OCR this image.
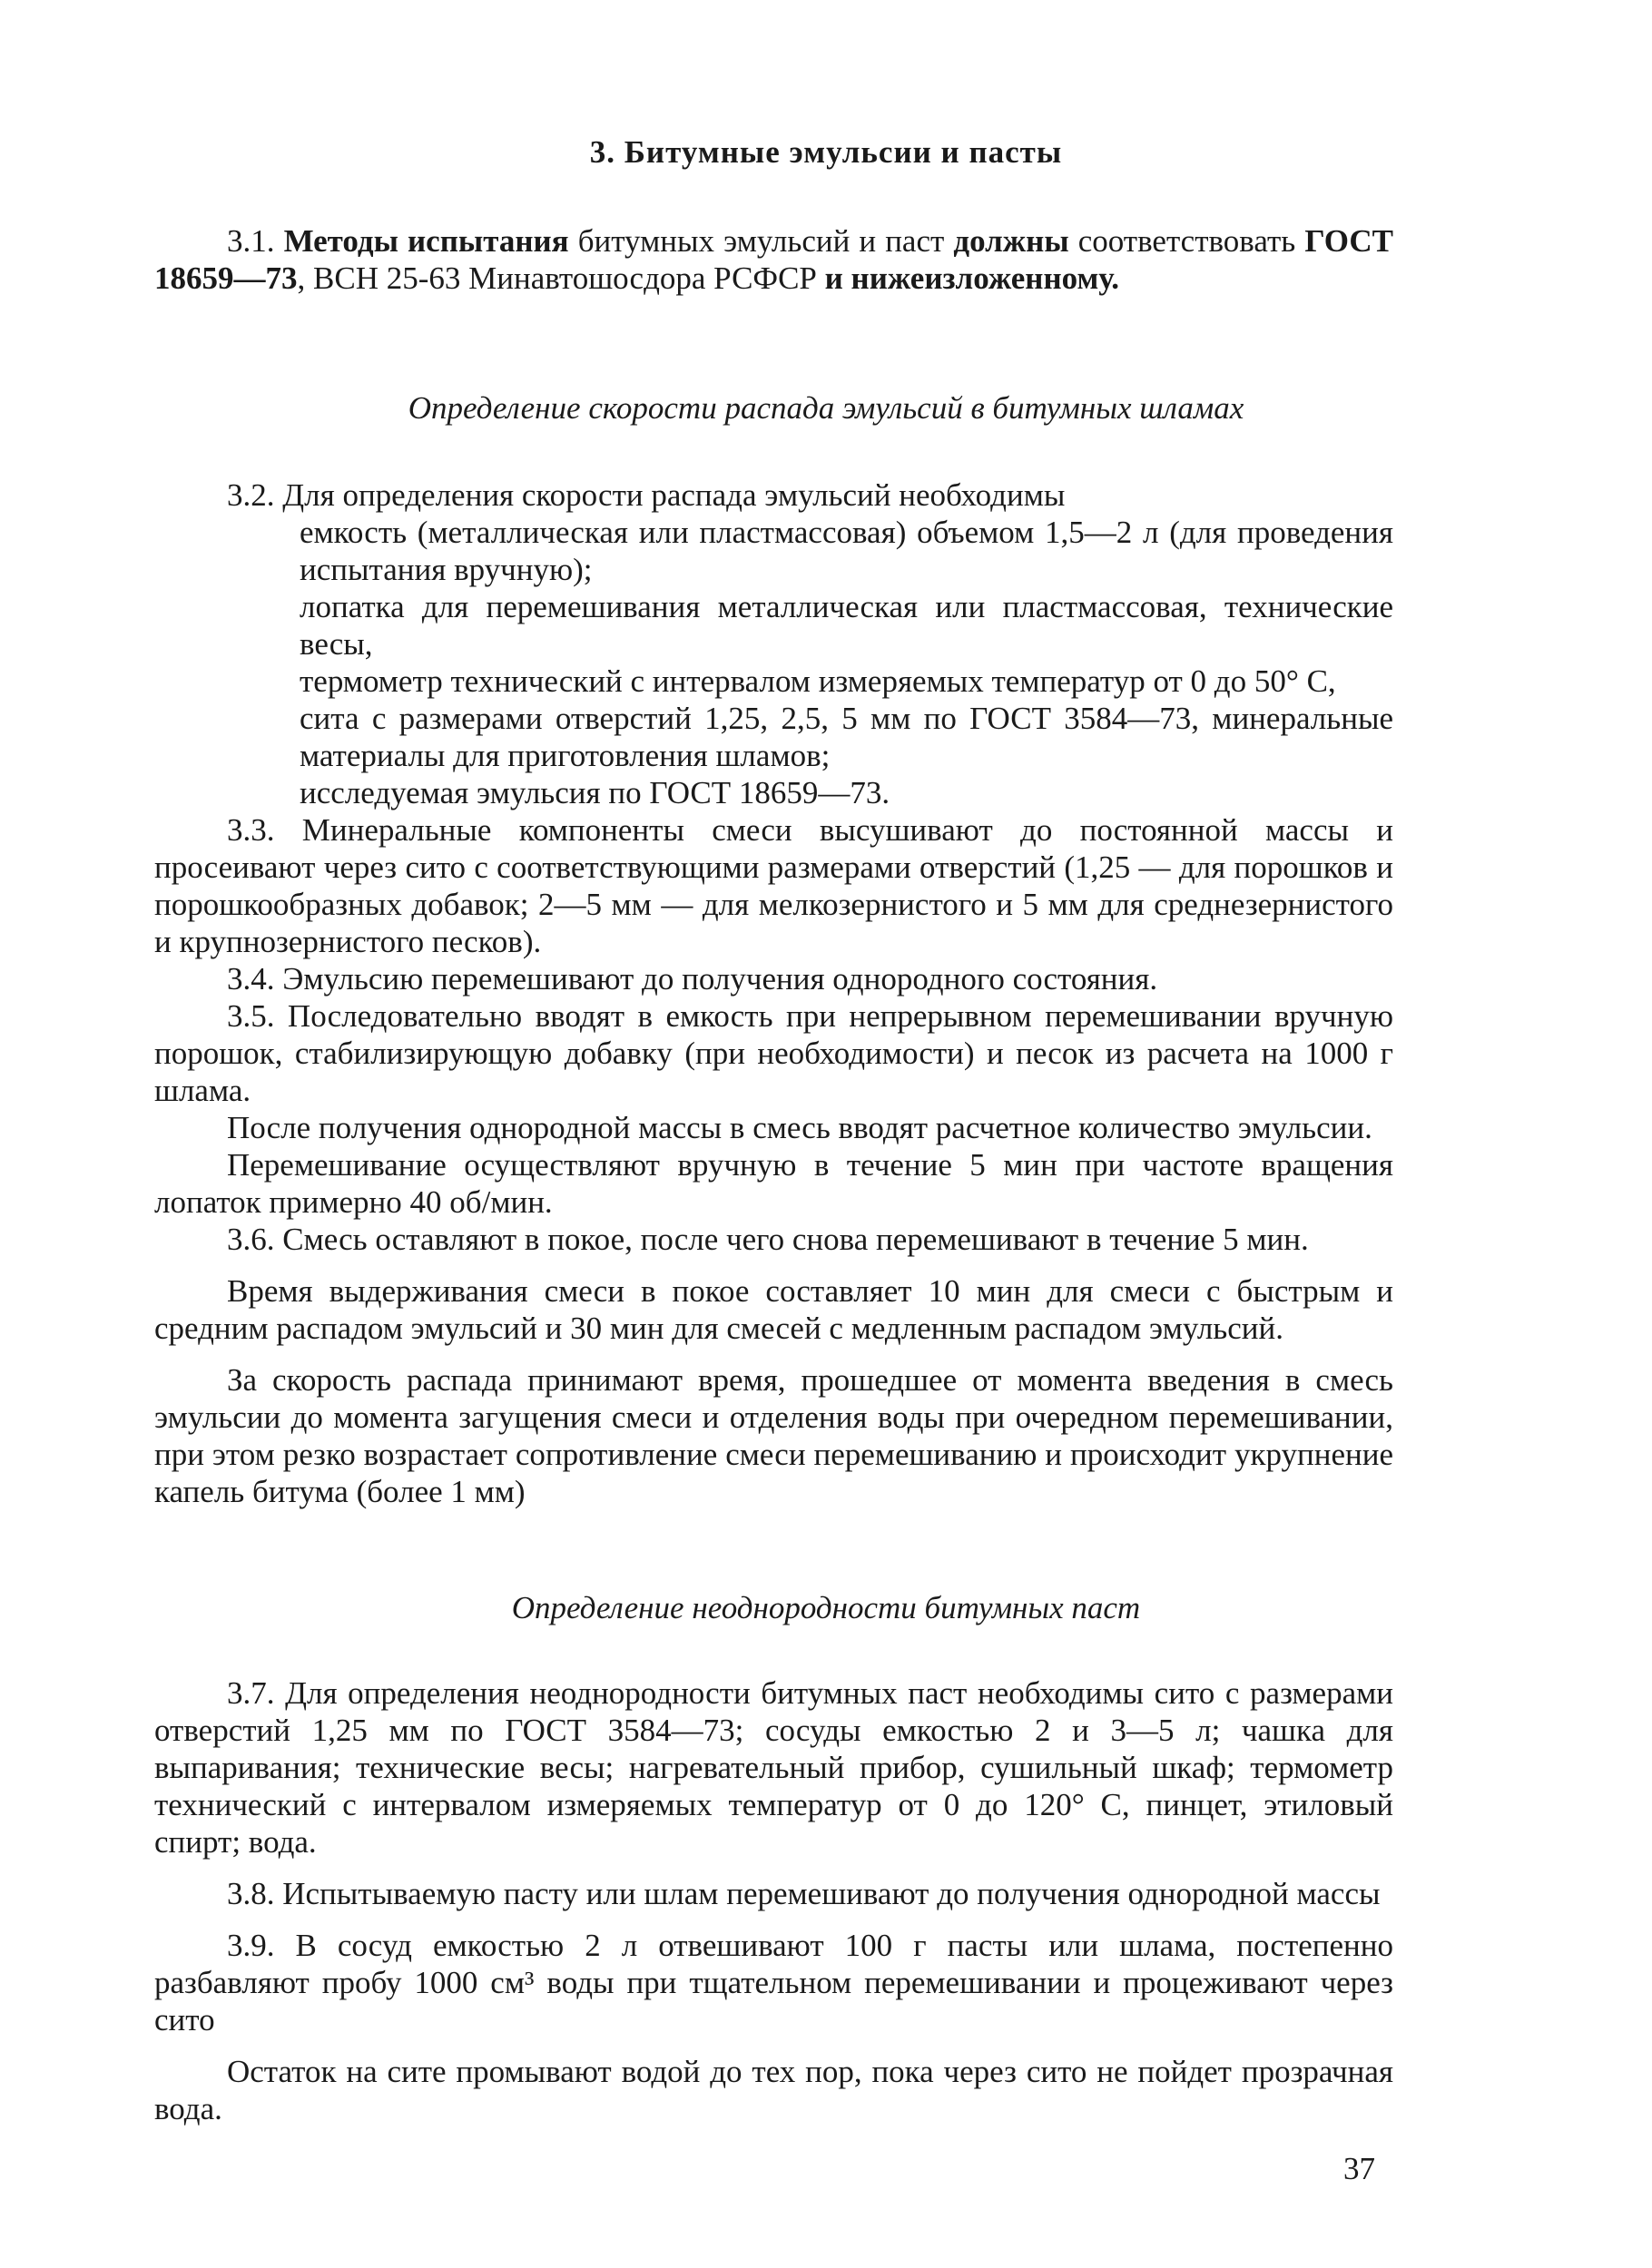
3. Битумные эмульсии и пасты

3.1. Методы испытания битумных эмульсий и паст должны соответствовать ГОСТ 18659—73, ВСН 25-63 Минавтошосдора РСФСР и нижеизложенному.

Определение скорости распада эмульсий в битумных шламах

3.2. Для определения скорости распада эмульсий необходимы

емкость (металлическая или пластмассовая) объемом 1,5—2 л (для проведения испытания вручную);

лопатка для перемешивания металлическая или пластмассовая, технические весы,

термометр технический с интервалом измеряемых температур от 0 до 50° С,

сита с размерами отверстий 1,25, 2,5, 5 мм по ГОСТ 3584—73, минеральные материалы для приготовления шламов;

исследуемая эмульсия по ГОСТ 18659—73.

3.3. Минеральные компоненты смеси высушивают до постоянной массы и просеивают через сито с соответствующими размерами отверстий (1,25 — для порошков и порошкообразных добавок; 2—5 мм — для мелкозернистого и 5 мм для среднезернистого и крупнозернистого песков).

3.4. Эмульсию перемешивают до получения однородного состояния.

3.5. Последовательно вводят в емкость при непрерывном перемешивании вручную порошок, стабилизирующую добавку (при необходимости) и песок из расчета на 1000 г шлама.

После получения однородной массы в смесь вводят расчетное количество эмульсии.

Перемешивание осуществляют вручную в течение 5 мин при частоте вращения лопаток примерно 40 об/мин.

3.6. Смесь оставляют в покое, после чего снова перемешивают в течение 5 мин.

Время выдерживания смеси в покое составляет 10 мин для смеси с быстрым и средним распадом эмульсий и 30 мин для смесей с медленным распадом эмульсий.

За скорость распада принимают время, прошедшее от момента введения в смесь эмульсии до момента загущения смеси и отделения воды при очередном перемешивании, при этом резко возрастает сопротивление смеси перемешиванию и происходит укрупнение капель битума (более 1 мм)

Определение неоднородности битумных паст

3.7. Для определения неоднородности битумных паст необходимы сито с размерами отверстий 1,25 мм по ГОСТ 3584—73; сосуды емкостью 2 и 3—5 л; чашка для выпаривания; технические весы; нагревательный прибор, сушильный шкаф; термометр технический с интервалом измеряемых температур от 0 до 120° С, пинцет, этиловый спирт; вода.

3.8. Испытываемую пасту или шлам перемешивают до получения однородной массы

3.9. В сосуд емкостью 2 л отвешивают 100 г пасты или шлама, постепенно разбавляют пробу 1000 см³ воды при тщательном перемешивании и процеживают через сито

Остаток на сите промывают водой до тех пор, пока через сито не пойдет прозрачная вода.

37
